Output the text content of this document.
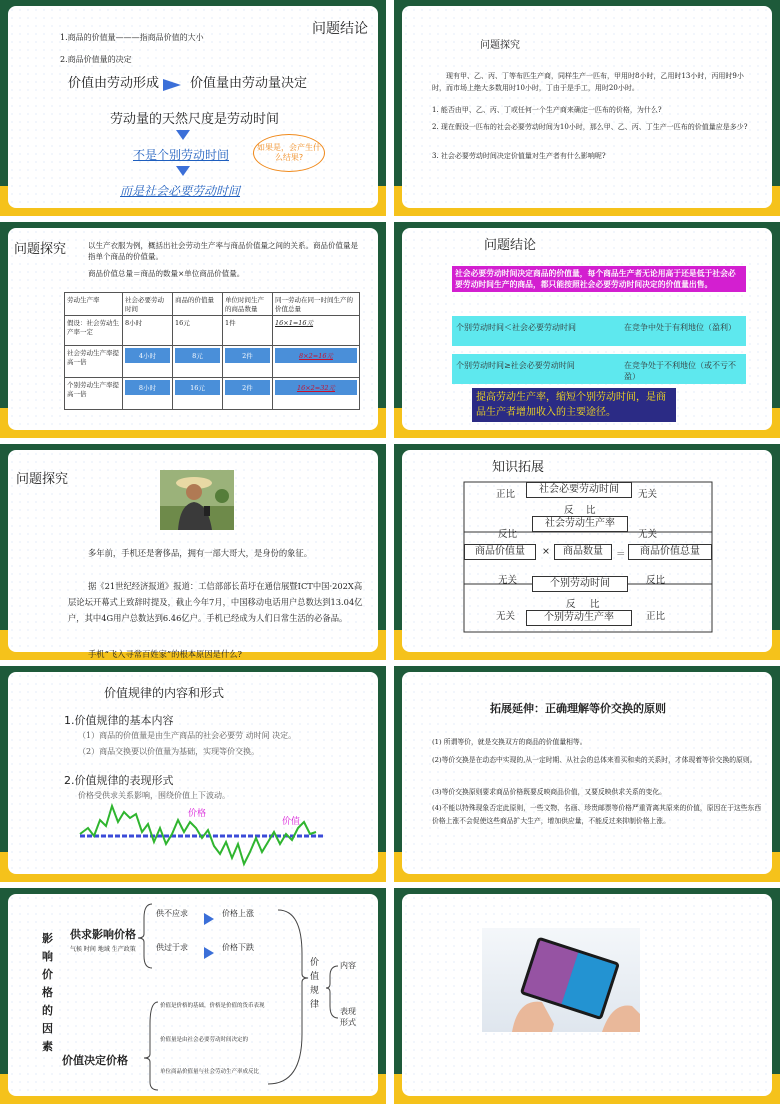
问题结论
1.商品的价值量———指商品价值的大小
2.商品价值量的决定
价值由劳动形成 价值量由劳动量决定
劳动量的天然尺度是劳动时间
不是个别劳动时间
如果是，会产生什么结果?
而是社会必要劳动时间
问题探究
现有甲、乙、丙、丁等布匹生产商，同样生产一匹布，甲用时8小时，乙用时13小时，丙用时9小时，而市场上绝大多数用时10小时，丁由于是手工，用时20小时。
1. 能否由甲、乙、丙、丁或任何一个生产商来确定一匹布的价格，为什么?
2. 现在假设一匹布的社会必要劳动时间为10小时，那么甲、乙、丙、丁生产一匹布的价值量应是多少?
3. 社会必要劳动时间决定价值量对生产者有什么影响呢?
问题探究	以生产衣服为例，概括出社会劳动生产率与商品价值量之间的关系。商品价值量是指单个商品的价值量。
商品价值总量＝商品的数量×单位商品价值量。
劳动生产率	社会必要劳动时间	商品的价值量	单位时间生产的商品数量	同一劳动在同一时间生产的价值总量
假设：社会劳动生产率一定	8小时	16元	1件	16×1=16元
社会劳动生产率提高一倍	4小时	8元	2件	8×2=16元

个别劳动生产率提高一倍	8小时	16元	2件	16×2=32元
问题结论
社会必要劳动时间决定商品的价值量，每个商品生产者无论用高于还是低于社会必要劳动时间生产的商品，都只能按照社会必要劳动时间决定的价值量出售。
个别劳动时间＜社会必要劳动时间	在竞争中处于有利地位（盈利）
个别劳动时间≥社会必要劳动时间	在竞争处于不利地位（或不亏不盈）
提高劳动生产率，缩短个别劳动时间，是商品生产者增加收入的主要途径。
问题探究
多年前，手机还是奢侈品，拥有一部大哥大，是身份的象征。
据《21世纪经济报道》报道：工信部部长苗圩在通信展暨ICT中国·202X高层论坛开幕式上致辞时提及，截止今年7月，中国移动电话用户总数达到13.04亿户，其中4G用户总数达到6.46亿户。手机已经成为人们日常生活的必备品。
手机“飞入寻常百姓家”的根本原因是什么?
知识拓展
社会必要劳动时间
正比	无关
反 比
社会劳动生产率
反比	无关
商品价值量	×	商品数量	＝	商品价值总量
无关	反比
个别劳动时间
反 比
无关	个别劳动生产率	正比
价值规律的内容和形式
1.价值规律的基本内容
（1）商品的价值量是由生产商品的社会必要劳 动时间 决定。
（2）商品交换要以价值量为基础，实现等价交换。
2.价值规律的表现形式
价格受供求关系影响，围绕价值上下波动。
价格
价值
拓展延伸：正确理解等价交换的原则
(1) 所谓等价，就是交换双方的商品的价值量相等。
(2)等价交换是在动态中实现的,从一定时期、从社会的总体来看买和卖的关系时，才体现着等价交换的原则。
(3)等价交换原则要求商品价格既要反映商品价值，又要反映供求关系的变化。
(4)不能以特殊现象否定此原则，一些文物、名画、珍贵邮票等价格严重背离其原来的价值，原因在于这些东西价格上涨不会促使这些商品扩大生产，增加供应量，不能反过来抑制价格上涨。
影
响
价
格
的
因
素
供求影响价格
气候 时间 地域 生产政策
供不应求	价格上涨
供过于求	价格下跌
价值是价格的基础，价格是价值的货币表现
价值量是由社会必要劳动时间决定的
单位商品价值量与社会劳动生产率成反比
价值决定价格
价
值
规
律
内容
表现形式
